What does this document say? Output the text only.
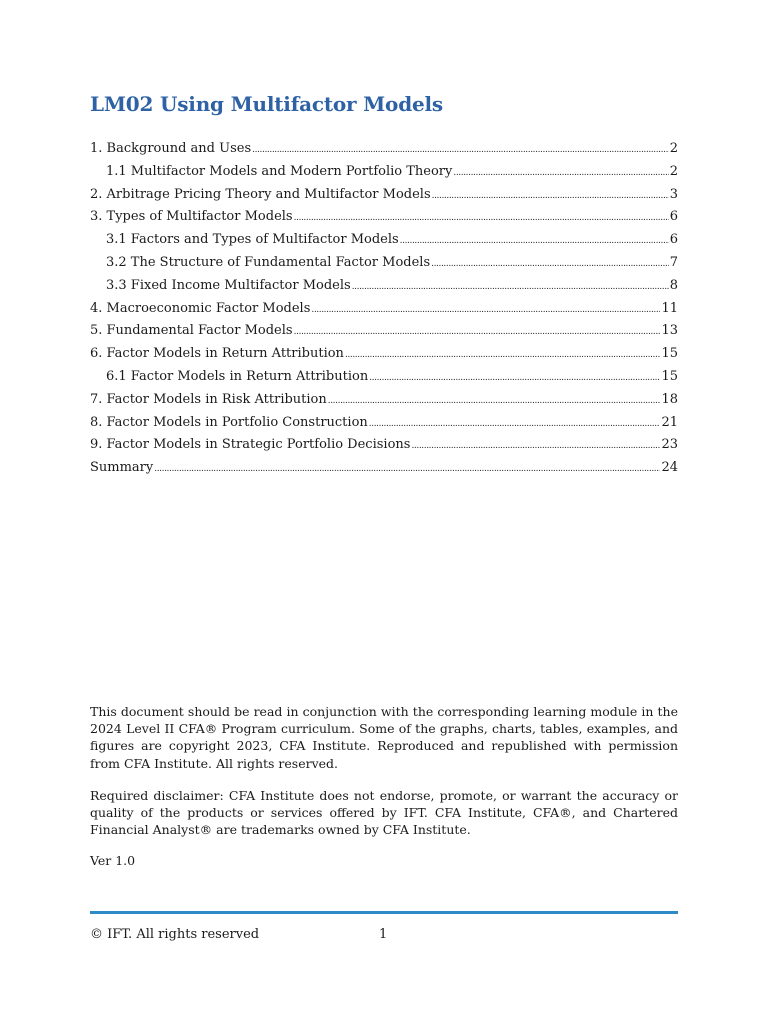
LM02 Using Multifactor Models
1. Background and Uses .....	2
1.1 Multifactor Models and Modern Portfolio Theory .....	2
2. Arbitrage Pricing Theory and Multifactor Models .....	3
3. Types of Multifactor Models .....	6
3.1 Factors and Types of Multifactor Models .....	6
3.2 The Structure of Fundamental Factor Models .....	7
3.3 Fixed Income Multifactor Models .....	8
4. Macroeconomic Factor Models .....	11
5. Fundamental Factor Models .....	13
6. Factor Models in Return Attribution .....	15
6.1 Factor Models in Return Attribution .....	15
7. Factor Models in Risk Attribution .....	18
8. Factor Models in Portfolio Construction .....	21
9. Factor Models in Strategic Portfolio Decisions .....	23
Summary .....	24

This document should be read in conjunction with the corresponding learning module in the 2024 Level II CFA® Program curriculum. Some of the graphs, charts, tables, examples, and figures are copyright 2023, CFA Institute. Reproduced and republished with permission from CFA Institute. All rights reserved.

Required disclaimer: CFA Institute does not endorse, promote, or warrant the accuracy or quality of the products or services offered by IFT. CFA Institute, CFA®, and Chartered Financial Analyst® are trademarks owned by CFA Institute.

Ver 1.0
© IFT. All rights reserved	1
